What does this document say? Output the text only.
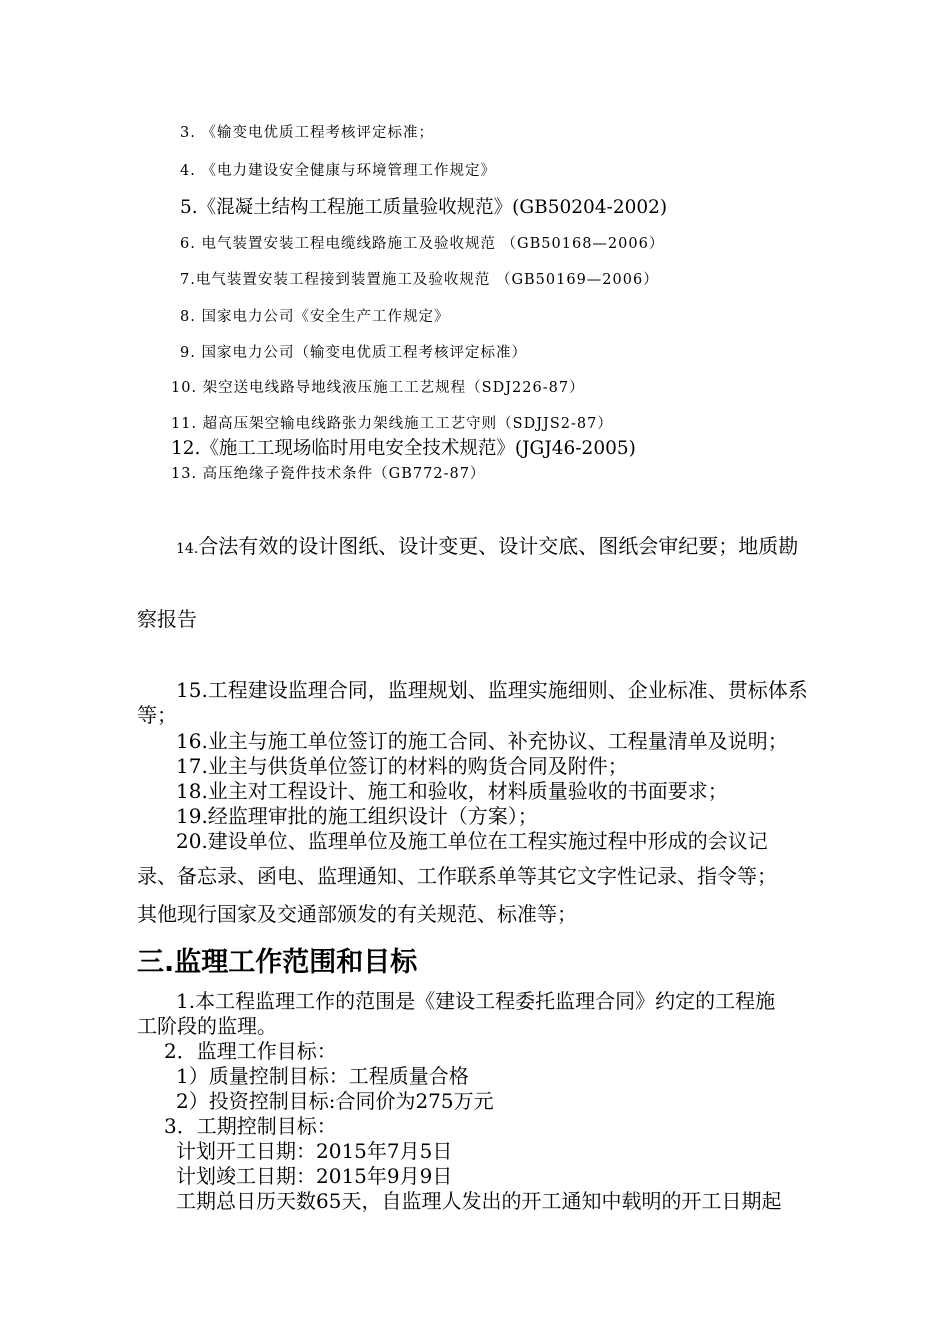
3. 《输变电优质工程考核评定标准；
4. 《电力建设安全健康与环境管理工作规定》
5.《混凝土结构工程施工质量验收规范》(GB50204-2002)
6. 电气装置安装工程电缆线路施工及验收规范 （GB50168—2006）
7.电气装置安装工程接到装置施工及验收规范 （GB50169—2006）
8. 国家电力公司《安全生产工作规定》
9. 国家电力公司（输变电优质工程考核评定标准）
10. 架空送电线路导地线液压施工工艺规程（SDJ226-87）
11. 超高压架空输电线路张力架线施工工艺守则（SDJJS2-87）
12.《施工工现场临时用电安全技术规范》(JGJ46-2005)
13. 高压绝缘子瓷件技术条件（GB772-87）
14.合法有效的设计图纸、设计变更、设计交底、图纸会审纪要；地质勘
察报告
15.工程建设监理合同，监理规划、监理实施细则、企业标准、贯标体系
等；
16.业主与施工单位签订的施工合同、补充协议、工程量清单及说明；
17.业主与供货单位签订的材料的购货合同及附件；
18.业主对工程设计、施工和验收，材料质量验收的书面要求；
19.经监理审批的施工组织设计（方案）；
20.建设单位、监理单位及施工单位在工程实施过程中形成的会议记
录、备忘录、函电、监理通知、工作联系单等其它文字性记录、指令等；
其他现行国家及交通部颁发的有关规范、标准等；
三.监理工作范围和目标
1.本工程监理工作的范围是《建设工程委托监理合同》约定的工程施
工阶段的监理。
2．监理工作目标：
1）质量控制目标：工程质量合格
2）投资控制目标:合同价为275万元
3．工期控制目标：
计划开工日期：2015年7月5日
计划竣工日期：2015年9月9日
工期总日历天数65天，自监理人发出的开工通知中载明的开工日期起
